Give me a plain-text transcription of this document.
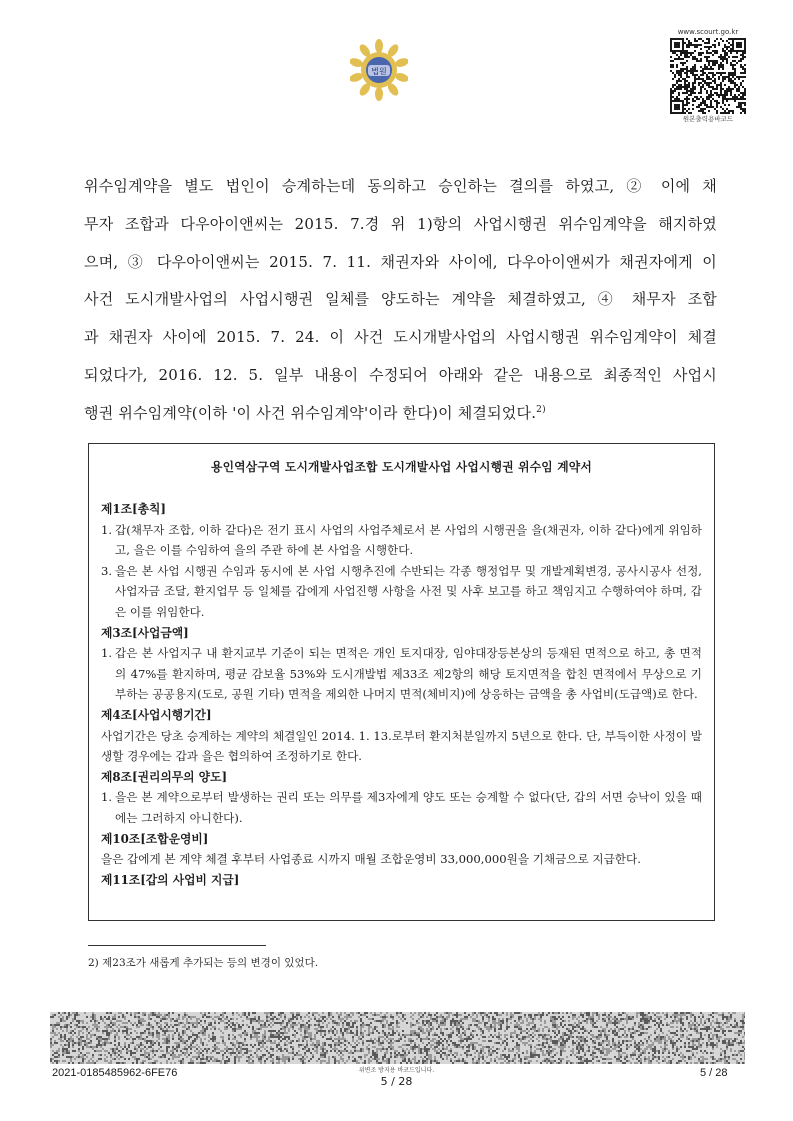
법원
www.scourt.go.kr
원본출력용바코드

위수임계약을 별도 법인이 승계하는데 동의하고 승인하는 결의를 하였고, ② 이에 채

무자 조합과 다우아이앤씨는 2015. 7.경 위 1)항의 사업시행권 위수임계약을 해지하였

으며, ③ 다우아이앤씨는 2015. 7. 11. 채권자와 사이에, 다우아이앤씨가 채권자에게 이

사건 도시개발사업의 사업시행권 일체를 양도하는 계약을 체결하였고, ④ 채무자 조합

과 채권자 사이에 2015. 7. 24. 이 사건 도시개발사업의 사업시행권 위수임계약이 체결

되었다가, 2016. 12. 5. 일부 내용이 수정되어 아래와 같은 내용으로 최종적인 사업시

행권 위수임계약(이하 '이 사건 위수임계약'이라 한다)이 체결되었다.$^{2)}$

용인역삼구역 도시개발사업조합 도시개발사업 사업시행권 위수임 계약서
제1조[총칙]
1. 갑(채무자 조합, 이하 같다)은 전기 표시 사업의 사업주체로서 본 사업의 시행권을 을(채권자, 이하 같다)에게 위임하고, 을은 이를 수임하여 을의 주관 하에 본 사업을 시행한다.
3. 을은 본 사업 시행권 수임과 동시에 본 사업 시행추진에 수반되는 각종 행정업무 및 개발계획변경, 공사시공사 선정, 사업자금 조달, 환지업무 등 일체를 갑에게 사업진행 사항을 사전 및 사후 보고를 하고 책임지고 수행하여야 하며, 갑은 이를 위임한다.
제3조[사업금액]
1. 갑은 본 사업지구 내 환지교부 기준이 되는 면적은 개인 토지대장, 임야대장등본상의 등재된 면적으로 하고, 총 면적의 47%를 환지하며, 평균 감보율 53%와 도시개발법 제33조 제2항의 해당 토지면적을 합친 면적에서 무상으로 기부하는 공공용지(도로, 공원 기타) 면적을 제외한 나머지 면적(체비지)에 상응하는 금액을 총 사업비(도급액)로 한다.
제4조[사업시행기간]
사업기간은 당초 승계하는 계약의 체결일인 2014. 1. 13.로부터 환지처분일까지 5년으로 한다. 단, 부득이한 사정이 발생할 경우에는 갑과 을은 협의하여 조정하기로 한다.
제8조[권리의무의 양도]
1. 을은 본 계약으로부터 발생하는 권리 또는 의무를 제3자에게 양도 또는 승계할 수 없다(단, 갑의 서면 승낙이 있을 때에는 그러하지 아니한다).
제10조[조합운영비]
을은 갑에게 본 계약 체결 후부터 사업종료 시까지 매월 조합운영비 33,000,000원을 기채금으로 지급한다.
제11조[갑의 사업비 지급]
2) 제23조가 새롭게 추가되는 등의 변경이 있었다.
2021-0185485962-6FE76	위변조 방지용 바코드입니다.
5 / 28
5 / 28
